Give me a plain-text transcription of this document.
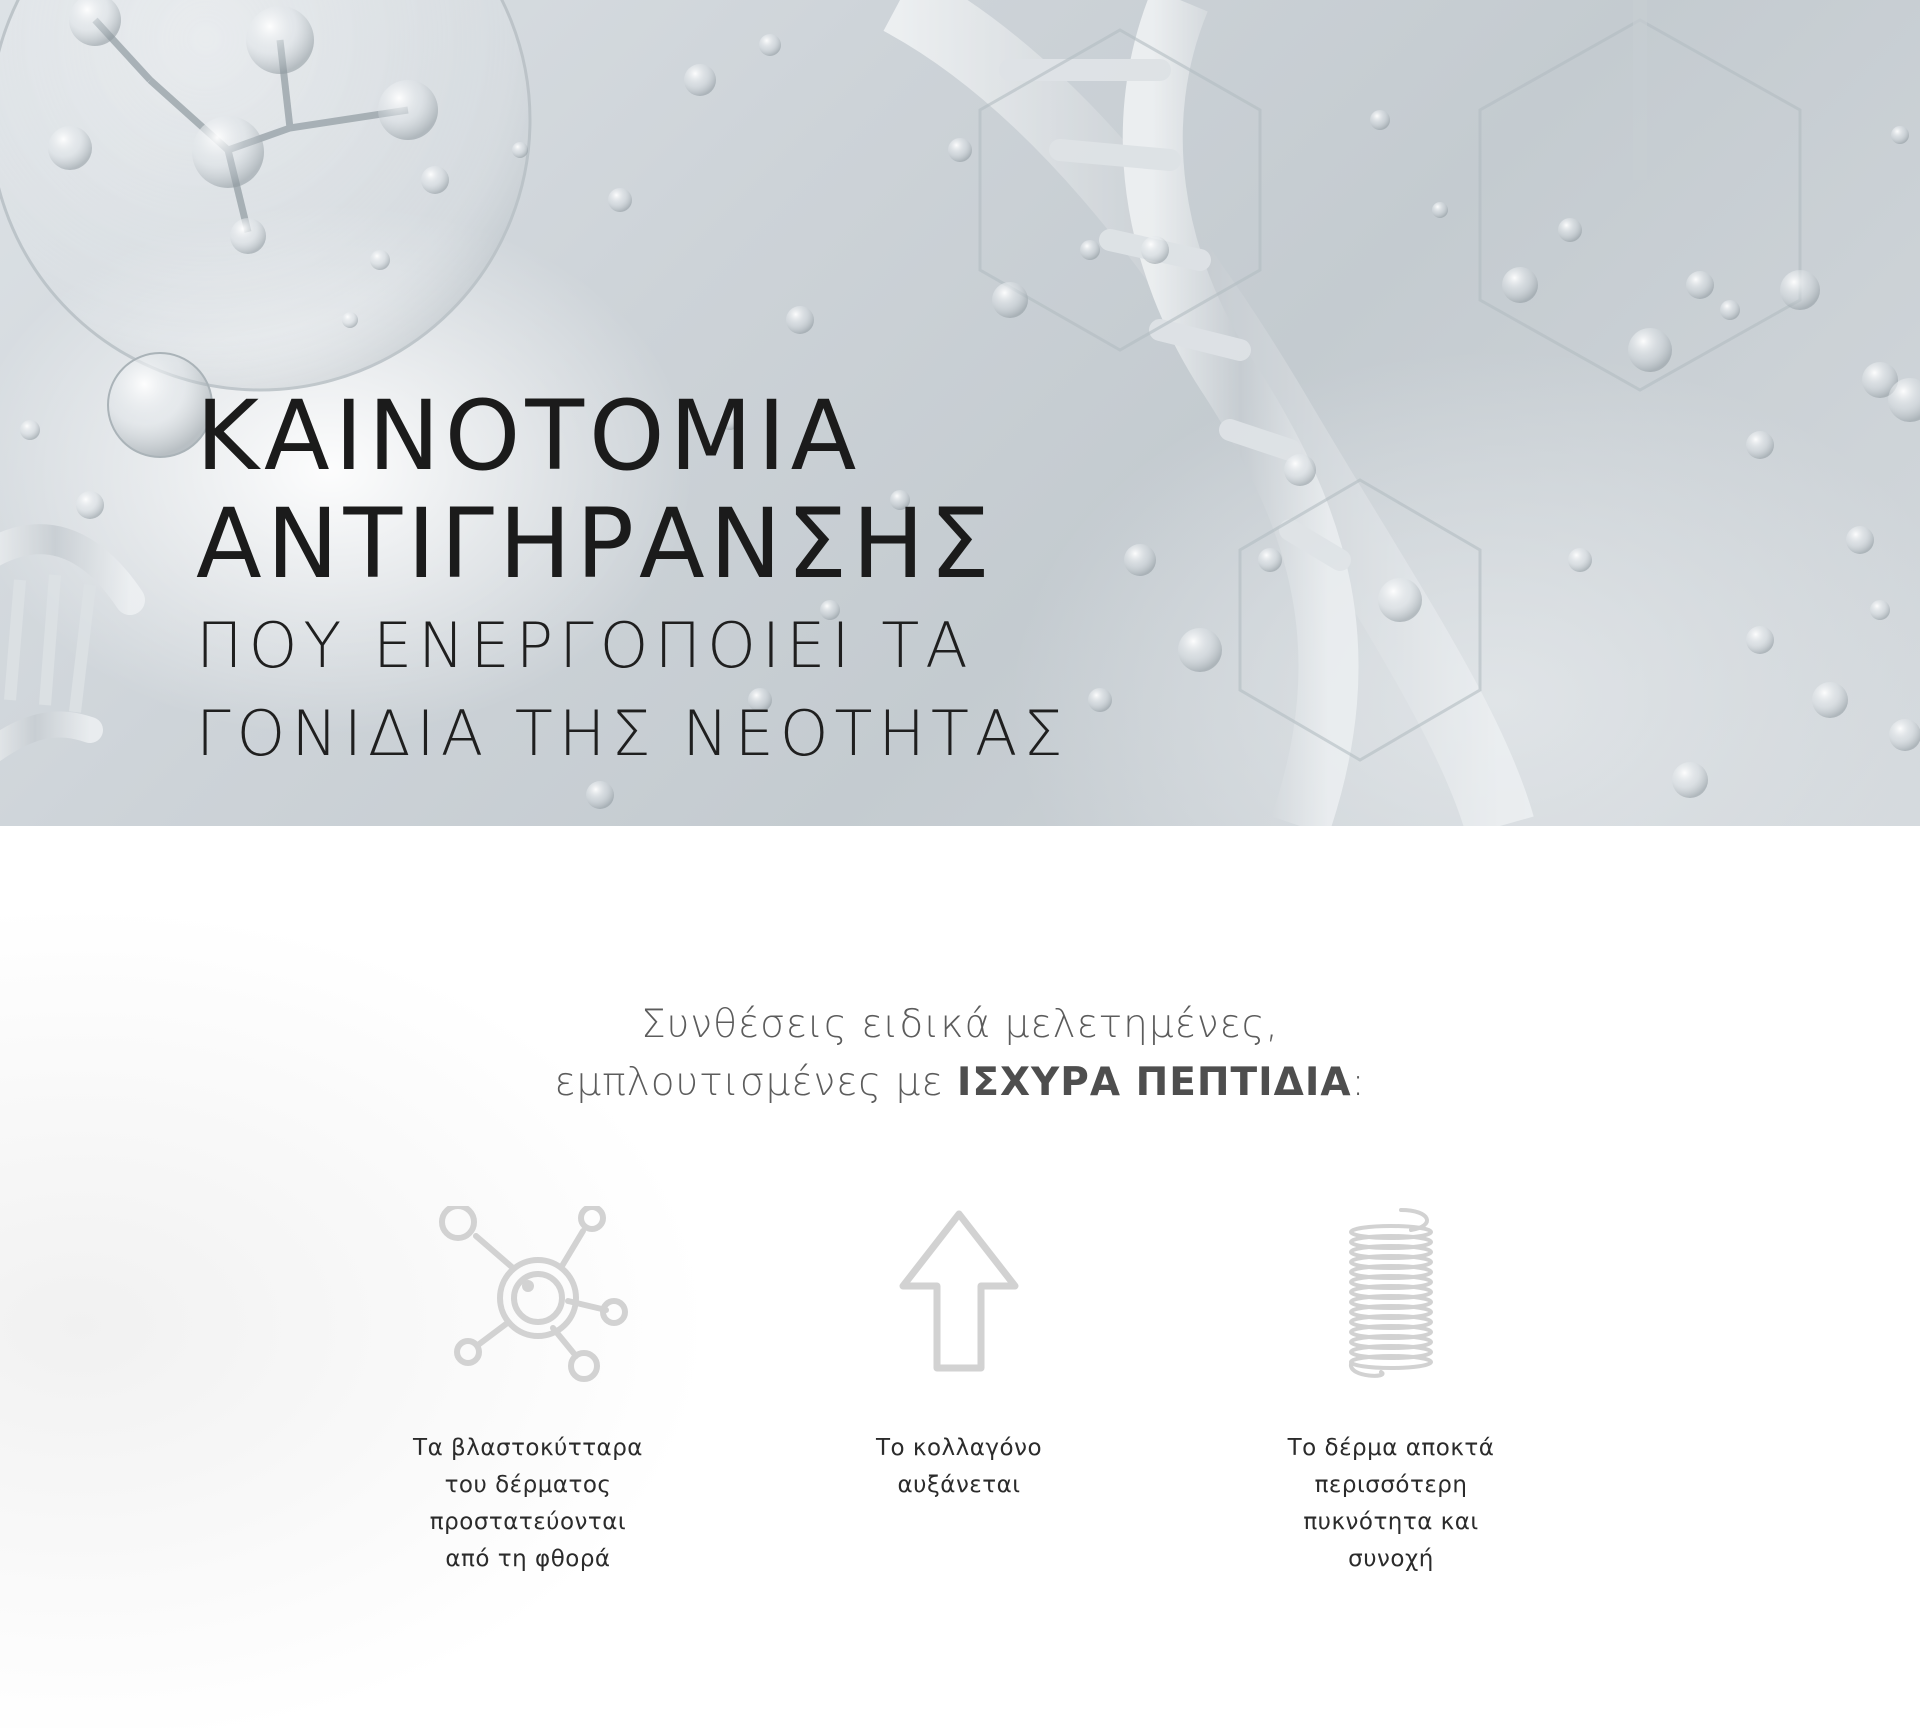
ΚΑΙΝΟΤΟΜΙΑ
ΑΝΤΙΓΗΡΑΝΣΗΣ
ΠΟΥ ΕΝΕΡΓΟΠΟΙΕΙ ΤΑ
ΓΟΝΙΔΙΑ ΤΗΣ ΝΕΟΤΗΤΑΣ
Συνθέσεις ειδικά μελετημένες,
εμπλουτισμένες με ΙΣΧΥΡΑ ΠΕΠΤΙΔΙΑ:
Τα βλαστοκύτταρα
του δέρματος
προστατεύονται
από τη φθορά
Το κολλαγόνο
αυξάνεται
Το δέρμα αποκτά
περισσότερη
πυκνότητα και
συνοχή
